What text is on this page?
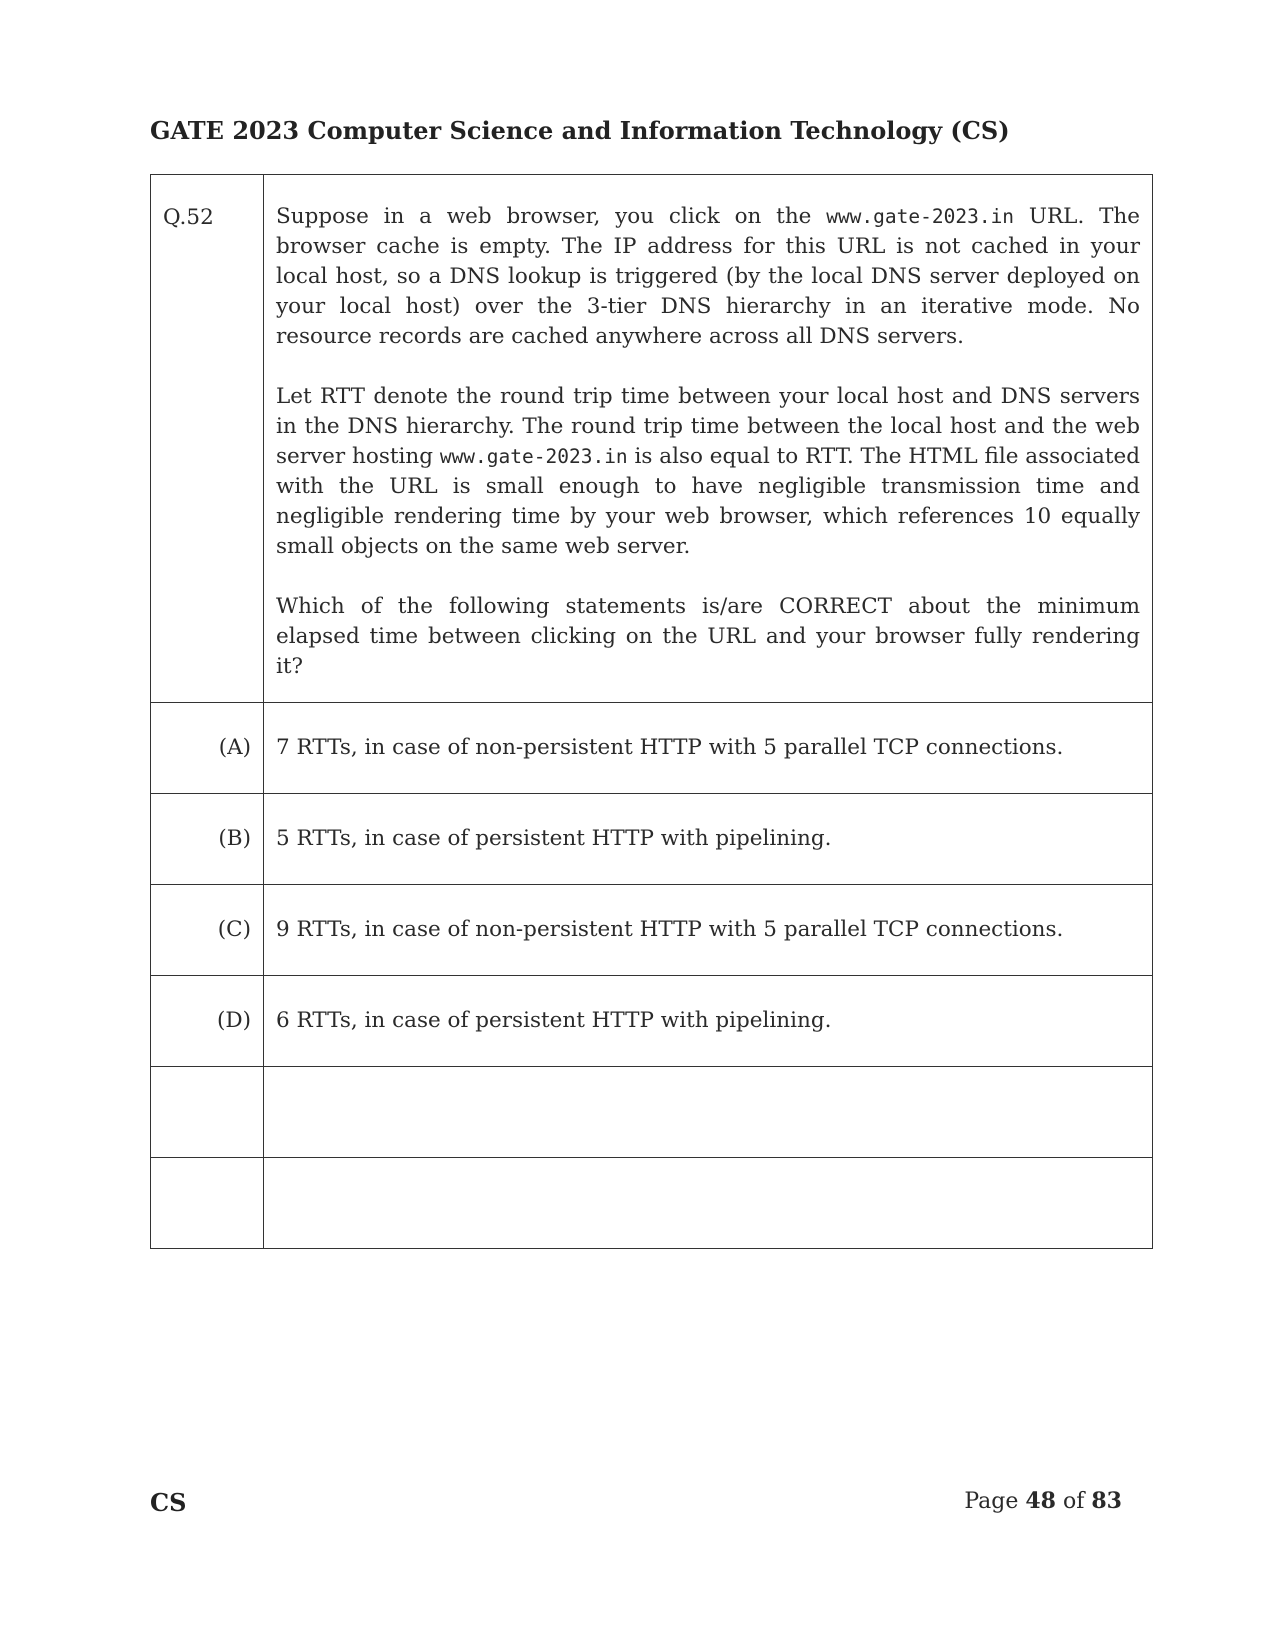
GATE 2023 Computer Science and Information Technology (CS)
Q.52	Suppose in a web browser, you click on the www.gate-2023.in URL. The browser cache is empty. The IP address for this URL is not cached in your local host, so a DNS lookup is triggered (by the local DNS server deployed on your local host) over the 3-tier DNS hierarchy in an iterative mode. No resource records are cached anywhere across all DNS servers.

Let RTT denote the round trip time between your local host and DNS servers in the DNS hierarchy. The round trip time between the local host and the web server hosting www.gate-2023.in is also equal to RTT. The HTML file associated with the URL is small enough to have negligible transmission time and negligible rendering time by your web browser, which references 10 equally small objects on the same web server.

Which of the following statements is/are CORRECT about the minimum elapsed time between clicking on the URL and your browser fully rendering it?

(A)	7 RTTs, in case of non-persistent HTTP with 5 parallel TCP connections.
(B)	5 RTTs, in case of persistent HTTP with pipelining.
(C)	9 RTTs, in case of non-persistent HTTP with 5 parallel TCP connections.
(D)	6 RTTs, in case of persistent HTTP with pipelining.

CS	Page 48 of 83
